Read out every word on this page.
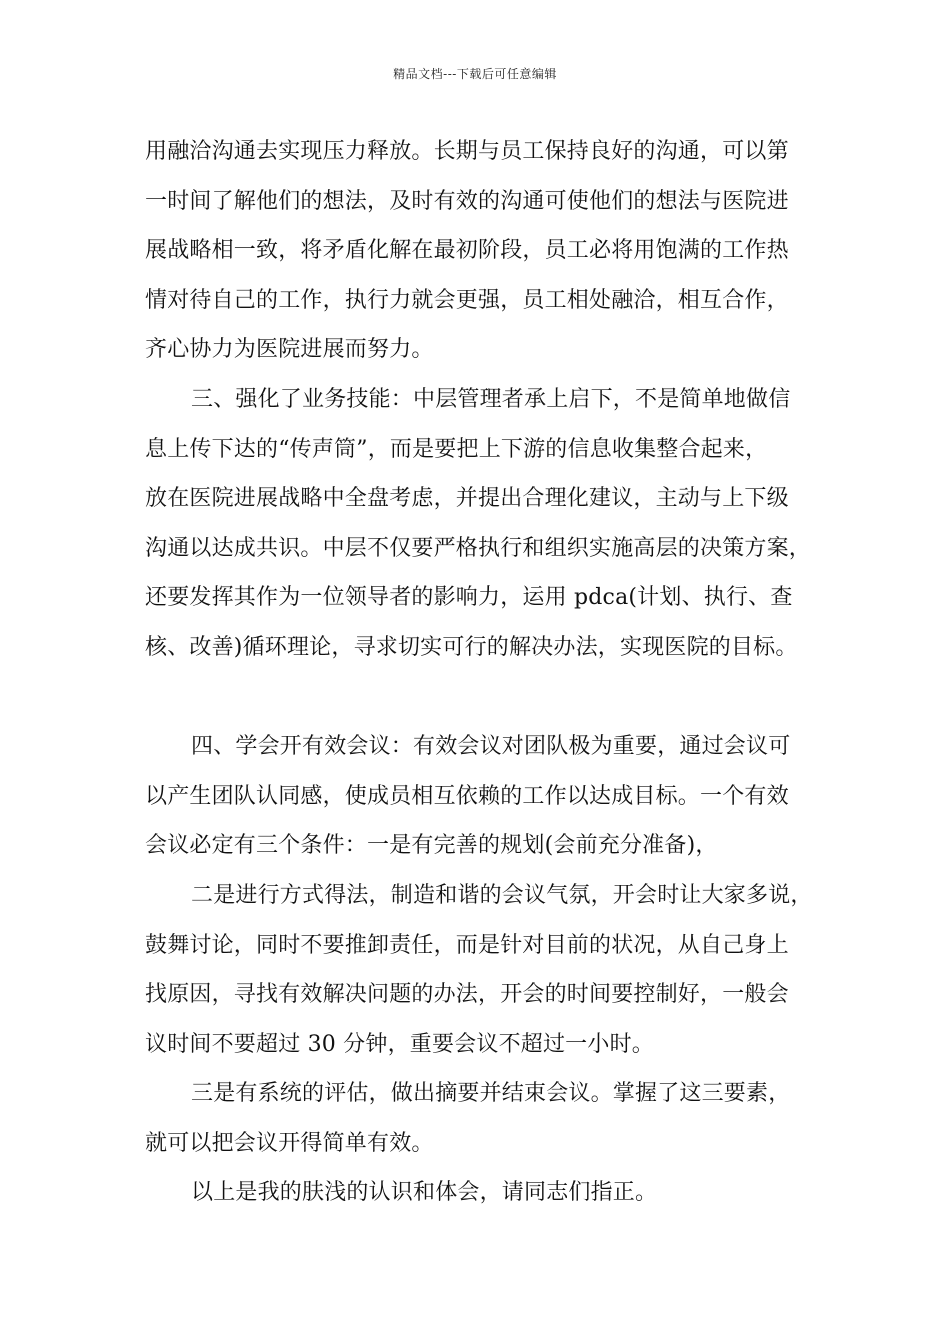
精品文档---下载后可任意编辑
用融洽沟通去实现压力释放。长期与员工保持良好的沟通，可以第
一时间了解他们的想法，及时有效的沟通可使他们的想法与医院进
展战略相一致，将矛盾化解在最初阶段，员工必将用饱满的工作热
情对待自己的工作，执行力就会更强，员工相处融洽，相互合作，
齐心协力为医院进展而努力。
三、强化了业务技能：中层管理者承上启下，不是简单地做信
息上传下达的“传声筒”，而是要把上下游的信息收集整合起来，
放在医院进展战略中全盘考虑，并提出合理化建议，主动与上下级
沟通以达成共识。中层不仅要严格执行和组织实施高层的决策方案，
还要发挥其作为一位领导者的影响力，运用 pdca(计划、执行、查
核、改善)循环理论，寻求切实可行的解决办法，实现医院的目标。
四、学会开有效会议：有效会议对团队极为重要，通过会议可
以产生团队认同感，使成员相互依赖的工作以达成目标。一个有效
会议必定有三个条件：一是有完善的规划(会前充分准备)，
二是进行方式得法，制造和谐的会议气氛，开会时让大家多说，
鼓舞讨论，同时不要推卸责任，而是针对目前的状况，从自己身上
找原因，寻找有效解决问题的办法，开会的时间要控制好，一般会
议时间不要超过 30 分钟，重要会议不超过一小时。
三是有系统的评估，做出摘要并结束会议。掌握了这三要素，
就可以把会议开得简单有效。
以上是我的肤浅的认识和体会，请同志们指正。
